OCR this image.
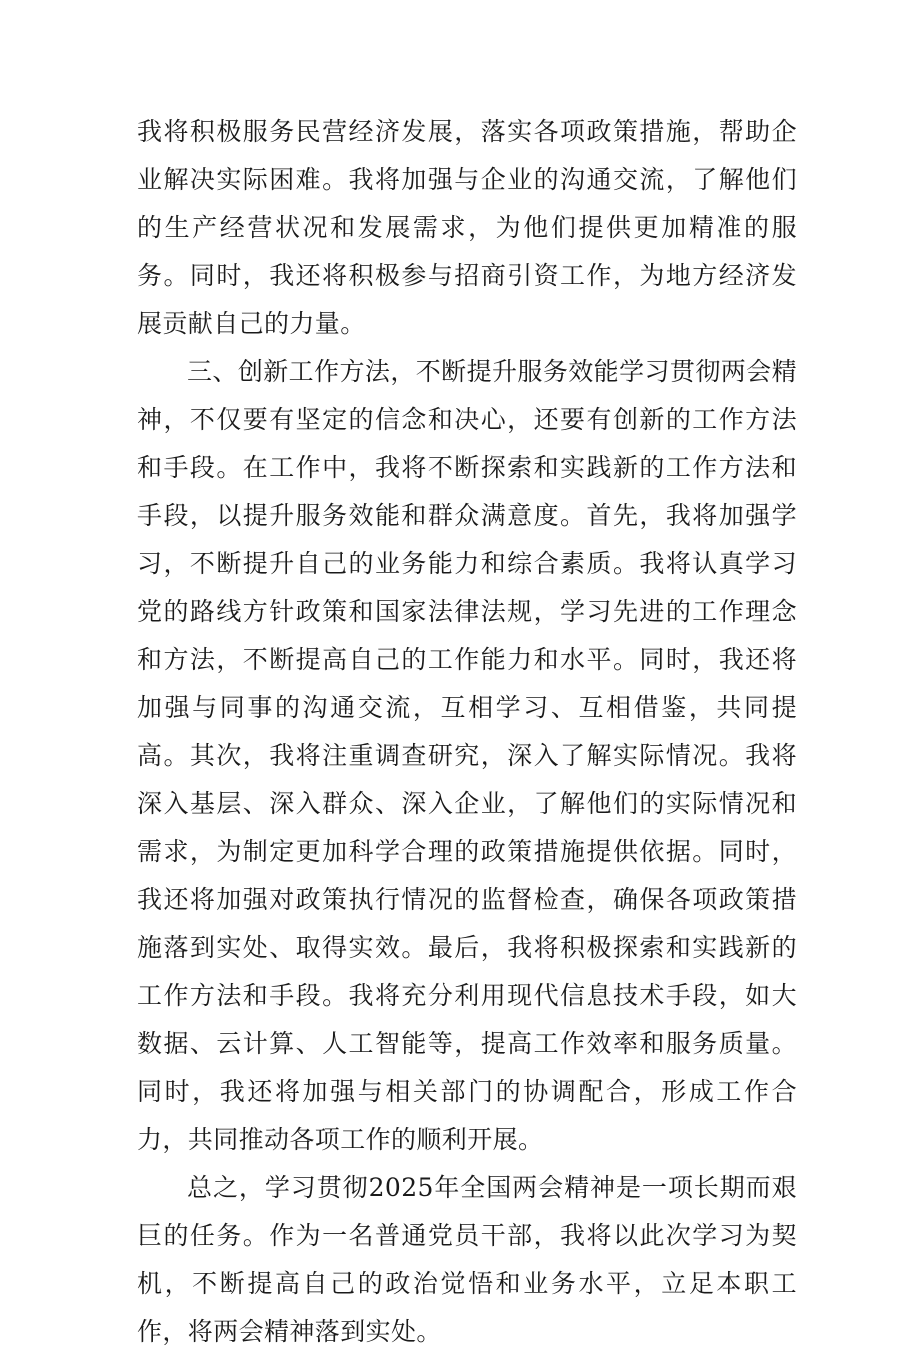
我将积极服务民营经济发展，落实各项政策措施，帮助企业解决实际困难。我将加强与企业的沟通交流，了解他们的生产经营状况和发展需求，为他们提供更加精准的服务。同时，我还将积极参与招商引资工作，为地方经济发展贡献自己的力量。

三、创新工作方法，不断提升服务效能学习贯彻两会精神，不仅要有坚定的信念和决心，还要有创新的工作方法和手段。在工作中，我将不断探索和实践新的工作方法和手段，以提升服务效能和群众满意度。首先，我将加强学习，不断提升自己的业务能力和综合素质。我将认真学习党的路线方针政策和国家法律法规，学习先进的工作理念和方法，不断提高自己的工作能力和水平。同时，我还将加强与同事的沟通交流，互相学习、互相借鉴，共同提高。其次，我将注重调查研究，深入了解实际情况。我将深入基层、深入群众、深入企业，了解他们的实际情况和需求，为制定更加科学合理的政策措施提供依据。同时，我还将加强对政策执行情况的监督检查，确保各项政策措施落到实处、取得实效。最后，我将积极探索和实践新的工作方法和手段。我将充分利用现代信息技术手段，如大数据、云计算、人工智能等，提高工作效率和服务质量。同时，我还将加强与相关部门的协调配合，形成工作合力，共同推动各项工作的顺利开展。

总之，学习贯彻2025年全国两会精神是一项长期而艰巨的任务。作为一名普通党员干部，我将以此次学习为契机，不断提高自己的政治觉悟和业务水平，立足本职工作，将两会精神落到实处。
